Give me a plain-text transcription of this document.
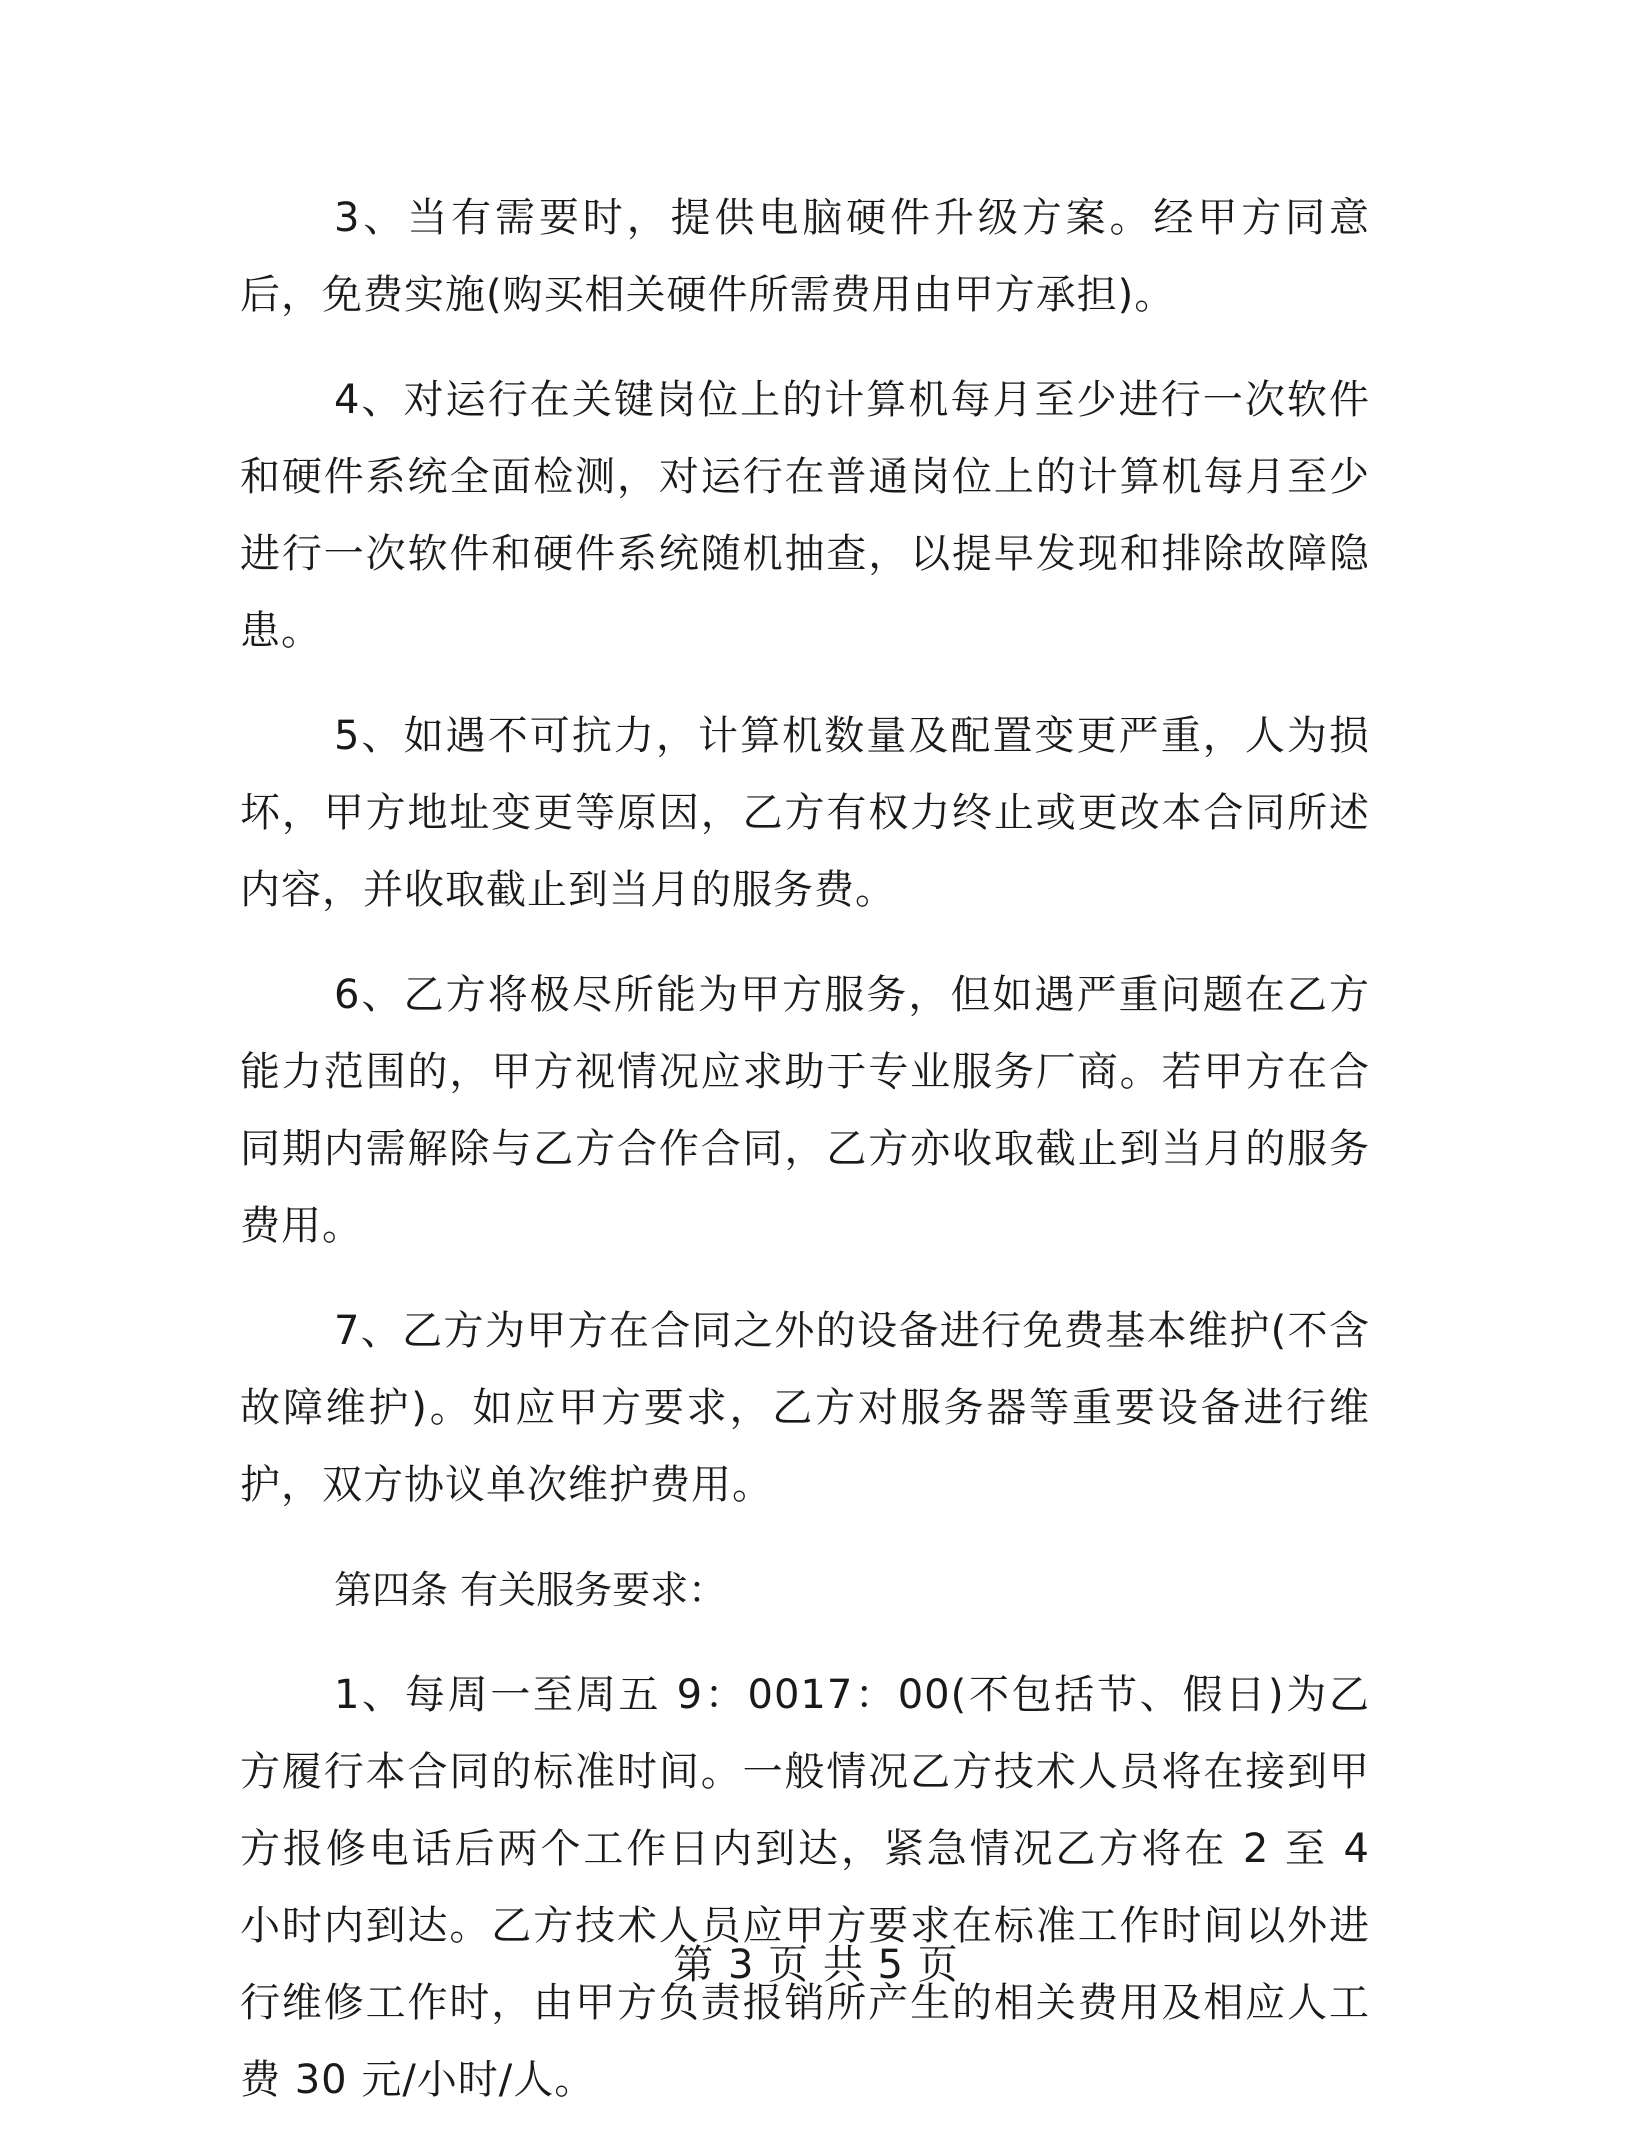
3、当有需要时，提供电脑硬件升级方案。经甲方同意后，免费实施(购买相关硬件所需费用由甲方承担)。

4、对运行在关键岗位上的计算机每月至少进行一次软件和硬件系统全面检测，对运行在普通岗位上的计算机每月至少进行一次软件和硬件系统随机抽查，以提早发现和排除故障隐患。

5、如遇不可抗力，计算机数量及配置变更严重，人为损坏，甲方地址变更等原因，乙方有权力终止或更改本合同所述内容，并收取截止到当月的服务费。

6、乙方将极尽所能为甲方服务，但如遇严重问题在乙方能力范围的，甲方视情况应求助于专业服务厂商。若甲方在合同期内需解除与乙方合作合同，乙方亦收取截止到当月的服务费用。

7、乙方为甲方在合同之外的设备进行免费基本维护(不含故障维护)。如应甲方要求，乙方对服务器等重要设备进行维护，双方协议单次维护费用。

第四条 有关服务要求：

1、每周一至周五 9：0017：00(不包括节、假日)为乙方履行本合同的标准时间。一般情况乙方技术人员将在接到甲方报修电话后两个工作日内到达，紧急情况乙方将在 2 至 4 小时内到达。乙方技术人员应甲方要求在标准工作时间以外进行维修工作时，由甲方负责报销所产生的相关费用及相应人工费 30 元/小时/人。

第 3 页 共 5 页
